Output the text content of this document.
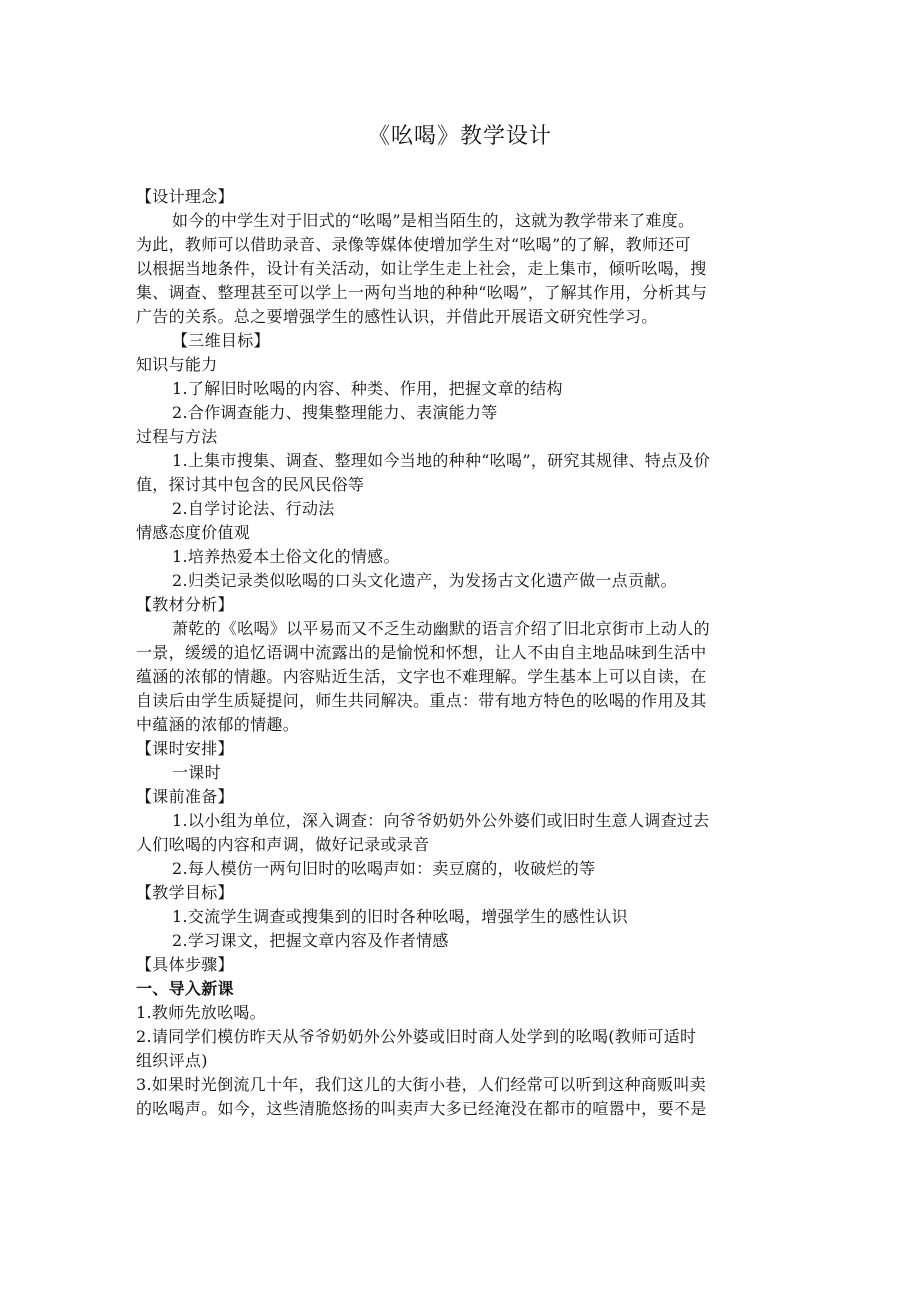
《吆喝》教学设计
【设计理念】
如今的中学生对于旧式的“吆喝”是相当陌生的，这就为教学带来了难度。
为此，教师可以借助录音、录像等媒体使增加学生对“吆喝”的了解，教师还可
以根据当地条件，设计有关活动，如让学生走上社会，走上集市，倾听吆喝，搜
集、调查、整理甚至可以学上一两句当地的种种“吆喝”，了解其作用，分析其与
广告的关系。总之要增强学生的感性认识，并借此开展语文研究性学习。
【三维目标】
知识与能力
1.了解旧时吆喝的内容、种类、作用，把握文章的结构
2.合作调查能力、搜集整理能力、表演能力等
过程与方法
1.上集市搜集、调查、整理如今当地的种种“吆喝”，研究其规律、特点及价
值，探讨其中包含的民风民俗等
2.自学讨论法、行动法
情感态度价值观
1.培养热爱本土俗文化的情感。
2.归类记录类似吆喝的口头文化遗产，为发扬古文化遗产做一点贡献。
【教材分析】
萧乾的《吆喝》以平易而又不乏生动幽默的语言介绍了旧北京街市上动人的
一景，缓缓的追忆语调中流露出的是愉悦和怀想，让人不由自主地品味到生活中
蕴涵的浓郁的情趣。内容贴近生活，文字也不难理解。学生基本上可以自读，在
自读后由学生质疑提问，师生共同解决。重点：带有地方特色的吆喝的作用及其
中蕴涵的浓郁的情趣。
【课时安排】
一课时
【课前准备】
1.以小组为单位，深入调查：向爷爷奶奶外公外婆们或旧时生意人调查过去
人们吆喝的内容和声调，做好记录或录音
2.每人模仿一两句旧时的吆喝声如：卖豆腐的，收破烂的等
【教学目标】
1.交流学生调查或搜集到的旧时各种吆喝，增强学生的感性认识
2.学习课文，把握文章内容及作者情感
【具体步骤】
一、导入新课
1.教师先放吆喝。
2.请同学们模仿昨天从爷爷奶奶外公外婆或旧时商人处学到的吆喝(教师可适时
组织评点)
3.如果时光倒流几十年，我们这儿的大街小巷，人们经常可以听到这种商贩叫卖
的吆喝声。如今，这些清脆悠扬的叫卖声大多已经淹没在都市的喧嚣中，要不是
